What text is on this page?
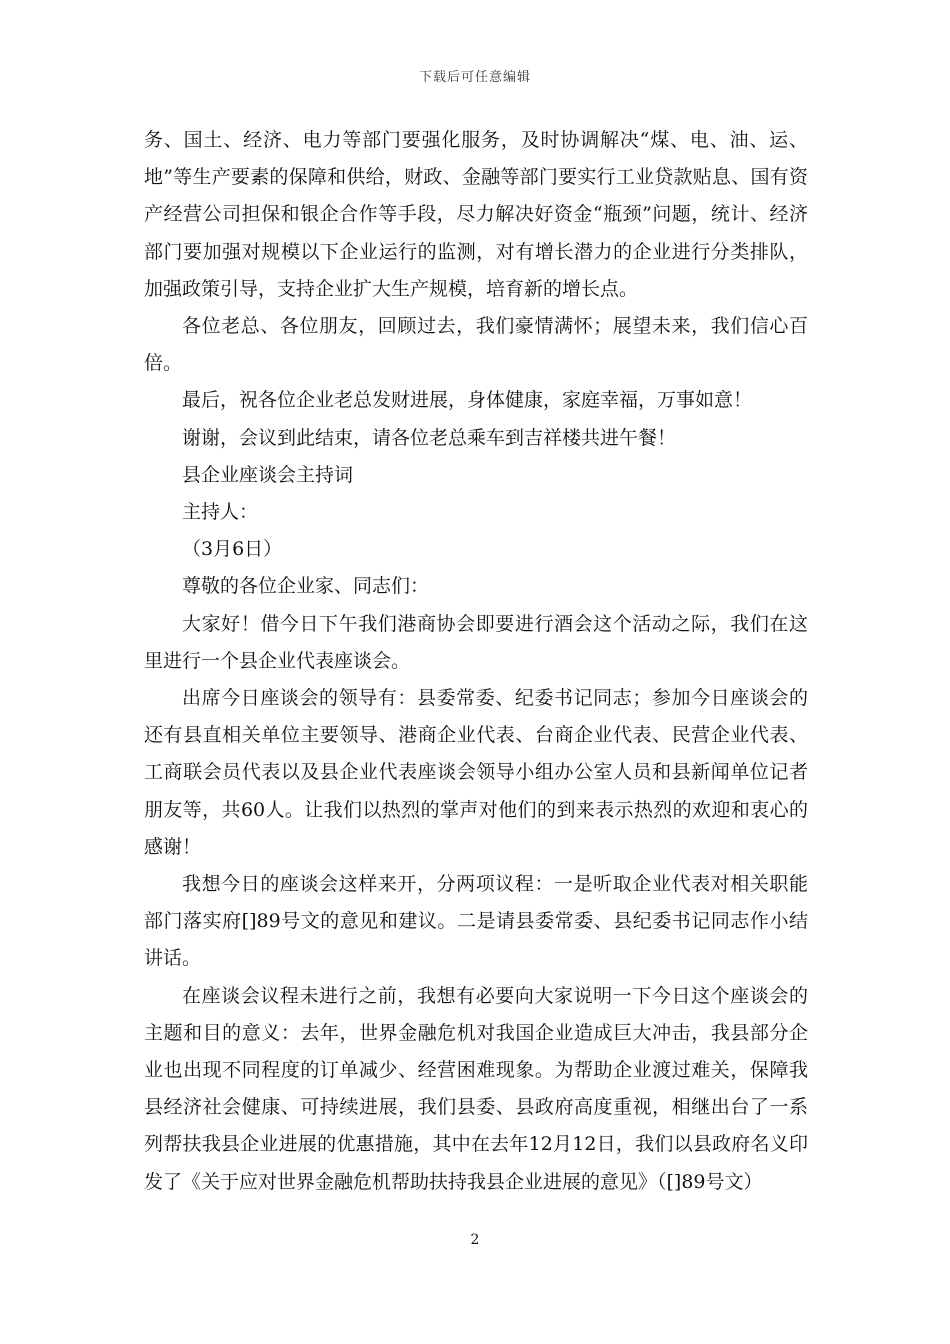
下载后可任意编辑

务、国土、经济、电力等部门要强化服务，及时协调解决“煤、电、油、运、地”等生产要素的保障和供给，财政、金融等部门要实行工业贷款贴息、国有资产经营公司担保和银企合作等手段，尽力解决好资金“瓶颈”问题，统计、经济部门要加强对规模以下企业运行的监测，对有增长潜力的企业进行分类排队，加强政策引导，支持企业扩大生产规模，培育新的增长点。

各位老总、各位朋友，回顾过去，我们豪情满怀；展望未来，我们信心百倍。

最后，祝各位企业老总发财进展，身体健康，家庭幸福，万事如意！

谢谢，会议到此结束，请各位老总乘车到吉祥楼共进午餐！

县企业座谈会主持词

主持人：

（3月6日）

尊敬的各位企业家、同志们：

大家好！借今日下午我们港商协会即要进行酒会这个活动之际，我们在这里进行一个县企业代表座谈会。

出席今日座谈会的领导有：县委常委、纪委书记同志；参加今日座谈会的还有县直相关单位主要领导、港商企业代表、台商企业代表、民营企业代表、工商联会员代表以及县企业代表座谈会领导小组办公室人员和县新闻单位记者朋友等，共60人。让我们以热烈的掌声对他们的到来表示热烈的欢迎和衷心的感谢！

我想今日的座谈会这样来开，分两项议程：一是听取企业代表对相关职能部门落实府[]89号文的意见和建议。二是请县委常委、县纪委书记同志作小结讲话。

在座谈会议程未进行之前，我想有必要向大家说明一下今日这个座谈会的主题和目的意义：去年，世界金融危机对我国企业造成巨大冲击，我县部分企业也出现不同程度的订单减少、经营困难现象。为帮助企业渡过难关，保障我县经济社会健康、可持续进展，我们县委、县政府高度重视，相继出台了一系列帮扶我县企业进展的优惠措施，其中在去年12月12日，我们以县政府名义印发了《关于应对世界金融危机帮助扶持我县企业进展的意见》（[]89号文）

2
